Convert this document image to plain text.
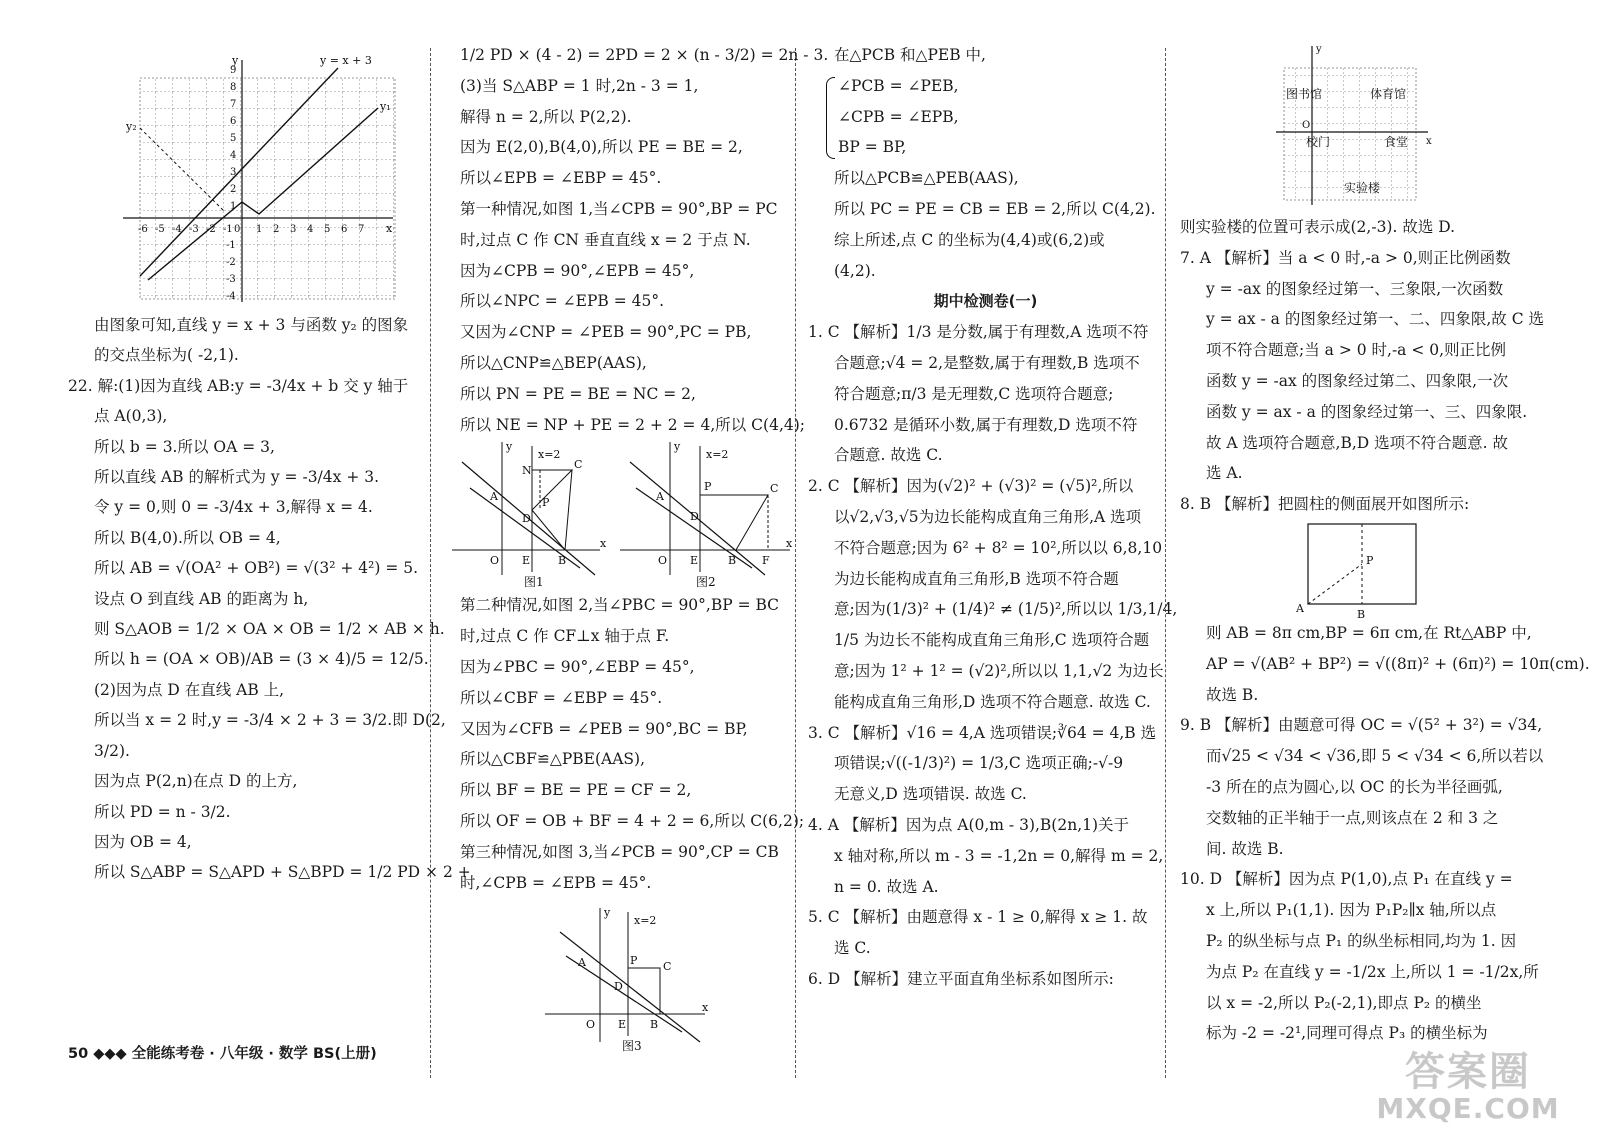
y
x
y = x + 3
y₁
y₂
-6 -5 -4 -3 -2 -1 0 1 2 3 4 5 6 7
9
8
7
6
5
4
3
2
1
-1
-2
-3
-4

由图象可知,直线 y = x + 3 与函数 y₂ 的图象

的交点坐标为( -2,1).

22. 解:(1)因为直线 AB:y = -3/4x + b 交 y 轴于

点 A(0,3),

所以 b = 3.所以 OA = 3,

所以直线 AB 的解析式为 y = -3/4x + 3.

令 y = 0,则 0 = -3/4x + 3,解得 x = 4.

所以 B(4,0).所以 OB = 4,

所以 AB = √(OA² + OB²) = √(3² + 4²) = 5.

设点 O 到直线 AB 的距离为 h,

则 S△AOB = 1/2 × OA × OB = 1/2 × AB × h.

所以 h = (OA × OB)/AB = (3 × 4)/5 = 12/5.

(2)因为点 D 在直线 AB 上,

所以当 x = 2 时,y = -3/4 × 2 + 3 = 3/2.即 D(2,

3/2).

因为点 P(2,n)在点 D 的上方,

所以 PD = n - 3/2.

因为 OB = 4,

所以 S△ABP = S△APD + S△BPD = 1/2 PD × 2 +

1/2 PD × (4 - 2) = 2PD = 2 × (n - 3/2) = 2n - 3.

(3)当 S△ABP = 1 时,2n - 3 = 1,

解得 n = 2,所以 P(2,2).

因为 E(2,0),B(4,0),所以 PE = BE = 2,

所以∠EPB = ∠EBP = 45°.

第一种情况,如图 1,当∠CPB = 90°,BP = PC

时,过点 C 作 CN 垂直直线 x = 2 于点 N.

因为∠CPB = 90°,∠EPB = 45°,

所以∠NPC = ∠EPB = 45°.

又因为∠CNP = ∠PEB = 90°,PC = PB,

所以△CNP≌△BEP(AAS),

所以 PN = PE = BE = NC = 2,

所以 NE = NP + PE = 2 + 2 = 4,所以 C(4,4);

y
x
x=2
O E	B
A
D
P
N	C
图1
y
x
x=2
O E	B F
A
D
P	C
图2

第二种情况,如图 2,当∠PBC = 90°,BP = BC

时,过点 C 作 CF⊥x 轴于点 F.

因为∠PBC = 90°,∠EBP = 45°,

所以∠CBF = ∠EBP = 45°.

又因为∠CFB = ∠PEB = 90°,BC = BP,

所以△CBF≌△PBE(AAS),

所以 BF = BE = PE = CF = 2,

所以 OF = OB + BF = 4 + 2 = 6,所以 C(6,2);

第三种情况,如图 3,当∠PCB = 90°,CP = CB

时,∠CPB = ∠EPB = 45°.

y
x
x=2
O E B
A
D
P C
图3

在△PCB 和△PEB 中,

∠PCB = ∠PEB,

∠CPB = ∠EPB,

BP = BP,

所以△PCB≌△PEB(AAS),

所以 PC = PE = CB = EB = 2,所以 C(4,2).

综上所述,点 C 的坐标为(4,4)或(6,2)或

(4,2).

期中检测卷(一)

1. C 【解析】1/3 是分数,属于有理数,A 选项不符

合题意;√4 = 2,是整数,属于有理数,B 选项不

符合题意;π/3 是无理数,C 选项符合题意;

0.6732 是循环小数,属于有理数,D 选项不符

合题意. 故选 C.

2. C 【解析】因为(√2)² + (√3)² = (√5)²,所以

以√2,√3,√5为边长能构成直角三角形,A 选项

不符合题意;因为 6² + 8² = 10²,所以以 6,8,10

为边长能构成直角三角形,B 选项不符合题

意;因为(1/3)² + (1/4)² ≠ (1/5)²,所以以 1/3,1/4,

1/5 为边长不能构成直角三角形,C 选项符合题

意;因为 1² + 1² = (√2)²,所以以 1,1,√2 为边长

能构成直角三角形,D 选项不符合题意. 故选 C.

3. C 【解析】√16 = 4,A 选项错误;∛64 = 4,B 选

项错误;√((-1/3)²) = 1/3,C 选项正确;-√-9

无意义,D 选项错误. 故选 C.

4. A 【解析】因为点 A(0,m - 3),B(2n,1)关于

x 轴对称,所以 m - 3 = -1,2n = 0,解得 m = 2,

n = 0. 故选 A.

5. C 【解析】由题意得 x - 1 ≥ 0,解得 x ≥ 1. 故

选 C.

6. D 【解析】建立平面直角坐标系如图所示:

y
x
O
图书馆	体育馆
校门	食堂
实验楼

则实验楼的位置可表示成(2,-3). 故选 D.

7. A 【解析】当 a < 0 时,-a > 0,则正比例函数

y = -ax 的图象经过第一、三象限,一次函数

y = ax - a 的图象经过第一、二、四象限,故 C 选

项不符合题意;当 a > 0 时,-a < 0,则正比例

函数 y = -ax 的图象经过第二、四象限,一次

函数 y = ax - a 的图象经过第一、三、四象限.

故 A 选项符合题意,B,D 选项不符合题意. 故

选 A.

8. B 【解析】把圆柱的侧面展开如图所示:

A	B
P

则 AB = 8π cm,BP = 6π cm,在 Rt△ABP 中,

AP = √(AB² + BP²) = √((8π)² + (6π)²) = 10π(cm).

故选 B.

9. B 【解析】由题意可得 OC = √(5² + 3²) = √34,

而√25 < √34 < √36,即 5 < √34 < 6,所以若以

-3 所在的点为圆心,以 OC 的长为半径画弧,

交数轴的正半轴于一点,则该点在 2 和 3 之

间. 故选 B.

10. D 【解析】因为点 P(1,0),点 P₁ 在直线 y =

x 上,所以 P₁(1,1). 因为 P₁P₂∥x 轴,所以点

P₂ 的纵坐标与点 P₁ 的纵坐标相同,均为 1. 因

为点 P₂ 在直线 y = -1/2x 上,所以 1 = -1/2x,所

以 x = -2,所以 P₂(-2,1),即点 P₂ 的横坐

标为 -2 = -2¹,同理可得点 P₃ 的横坐标为

50 ◆◆◆ 全能练考卷 · 八年级 · 数学 BS(上册)	答案圈
MXQE.COM
